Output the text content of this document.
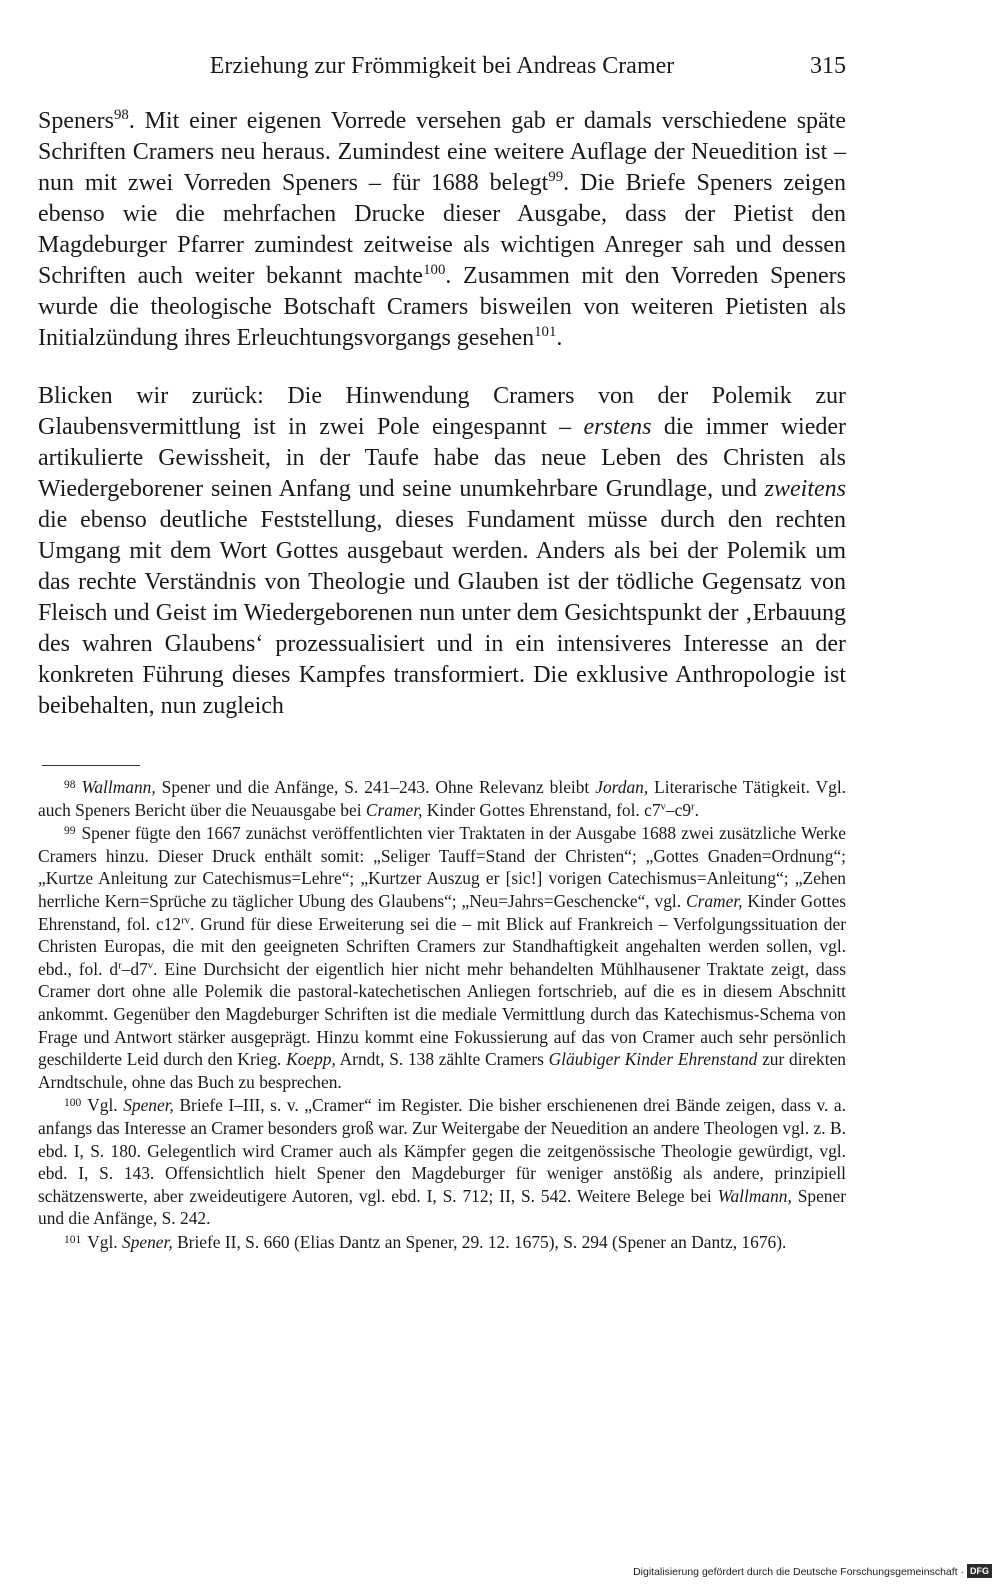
Erziehung zur Frömmigkeit bei Andreas Cramer	315

Speners$^{98}$. Mit einer eigenen Vorrede versehen gab er damals verschiedene späte Schriften Cramers neu heraus. Zumindest eine weitere Auflage der Neuedition ist – nun mit zwei Vorreden Speners – für 1688 belegt$^{99}$. Die Briefe Speners zeigen ebenso wie die mehrfachen Drucke dieser Ausgabe, dass der Pietist den Magdeburger Pfarrer zumindest zeitweise als wichtigen Anreger sah und dessen Schriften auch weiter bekannt machte$^{100}$. Zusammen mit den Vorreden Speners wurde die theologische Botschaft Cramers bisweilen von weiteren Pietisten als Initialzündung ihres Erleuchtungsvorgangs gesehen$^{101}$.

Blicken wir zurück: Die Hinwendung Cramers von der Polemik zur Glaubensvermittlung ist in zwei Pole eingespannt – erstens die immer wieder artikulierte Gewissheit, in der Taufe habe das neue Leben des Christen als Wiedergeborener seinen Anfang und seine unumkehrbare Grundlage, und zweitens die ebenso deutliche Feststellung, dieses Fundament müsse durch den rechten Umgang mit dem Wort Gottes ausgebaut werden. Anders als bei der Polemik um das rechte Verständnis von Theologie und Glauben ist der tödliche Gegensatz von Fleisch und Geist im Wiedergeborenen nun unter dem Gesichtspunkt der ‚Erbauung des wahren Glaubens‘ prozessualisiert und in ein intensiveres Interesse an der konkreten Führung dieses Kampfes transformiert. Die exklusive Anthropologie ist beibehalten, nun zugleich

$^{98}$ Wallmann, Spener und die Anfänge, S. 241–243. Ohne Relevanz bleibt Jordan, Literarische Tätigkeit. Vgl. auch Speners Bericht über die Neuausgabe bei Cramer, Kinder Gottes Ehrenstand, fol. c7$^v$–c9$^r$.

$^{99}$ Spener fügte den 1667 zunächst veröffentlichten vier Traktaten in der Ausgabe 1688 zwei zusätzliche Werke Cramers hinzu. Dieser Druck enthält somit: „Seliger Tauff=Stand der Christen“; „Gottes Gnaden=Ordnung“; „Kurtze Anleitung zur Catechismus=Lehre“; „Kurtzer Auszug er [sic!] vorigen Catechismus=Anleitung“; „Zehen herrliche Kern=Sprüche zu täglicher Ubung des Glaubens“; „Neu=Jahrs=Geschencke“, vgl. Cramer, Kinder Gottes Ehrenstand, fol. $c12^{rv}$. Grund für diese Erweiterung sei die – mit Blick auf Frankreich – Verfolgungssituation der Christen Europas, die mit den geeigneten Schriften Cramers zur Standhaftigkeit angehalten werden sollen, vgl. ebd., fol. $d^r-d7^v$. Eine Durchsicht der eigentlich hier nicht mehr behandelten Mühlhausener Traktate zeigt, dass Cramer dort ohne alle Polemik die pastoral-katechetischen Anliegen fortschrieb, auf die es in diesem Abschnitt ankommt. Gegenüber den Magdeburger Schriften ist die mediale Vermittlung durch das Katechismus-Schema von Frage und Antwort stärker ausgeprägt. Hinzu kommt eine Fokussierung auf das von Cramer auch sehr persönlich geschilderte Leid durch den Krieg. Koepp, Arndt, S. 138 zählte Cramers Gläubiger Kinder Ehrenstand zur direkten Arndtschule, ohne das Buch zu besprechen.

$^{100}$ Vgl. Spener, Briefe I–III, s. v. „Cramer“ im Register. Die bisher erschienenen drei Bände zeigen, dass v. a. anfangs das Interesse an Cramer besonders groß war. Zur Weitergabe der Neuedition an andere Theologen vgl. z. B. ebd. I, S. 180. Gelegentlich wird Cramer auch als Kämpfer gegen die zeitgenössische Theologie gewürdigt, vgl. ebd. I, S. 143. Offensichtlich hielt Spener den Magdeburger für weniger anstößig als andere, prinzipiell schätzenswerte, aber zweideutigere Autoren, vgl. ebd. I, S. 712; II, S. 542. Weitere Belege bei Wallmann, Spener und die Anfänge, S. 242.

$^{101}$ Vgl. Spener, Briefe II, S. 660 (Elias Dantz an Spener, 29. 12. 1675), S. 294 (Spener an Dantz, 1676).

Digitalisierung gefördert durch die Deutsche Forschungsgemeinschaft · DFG
